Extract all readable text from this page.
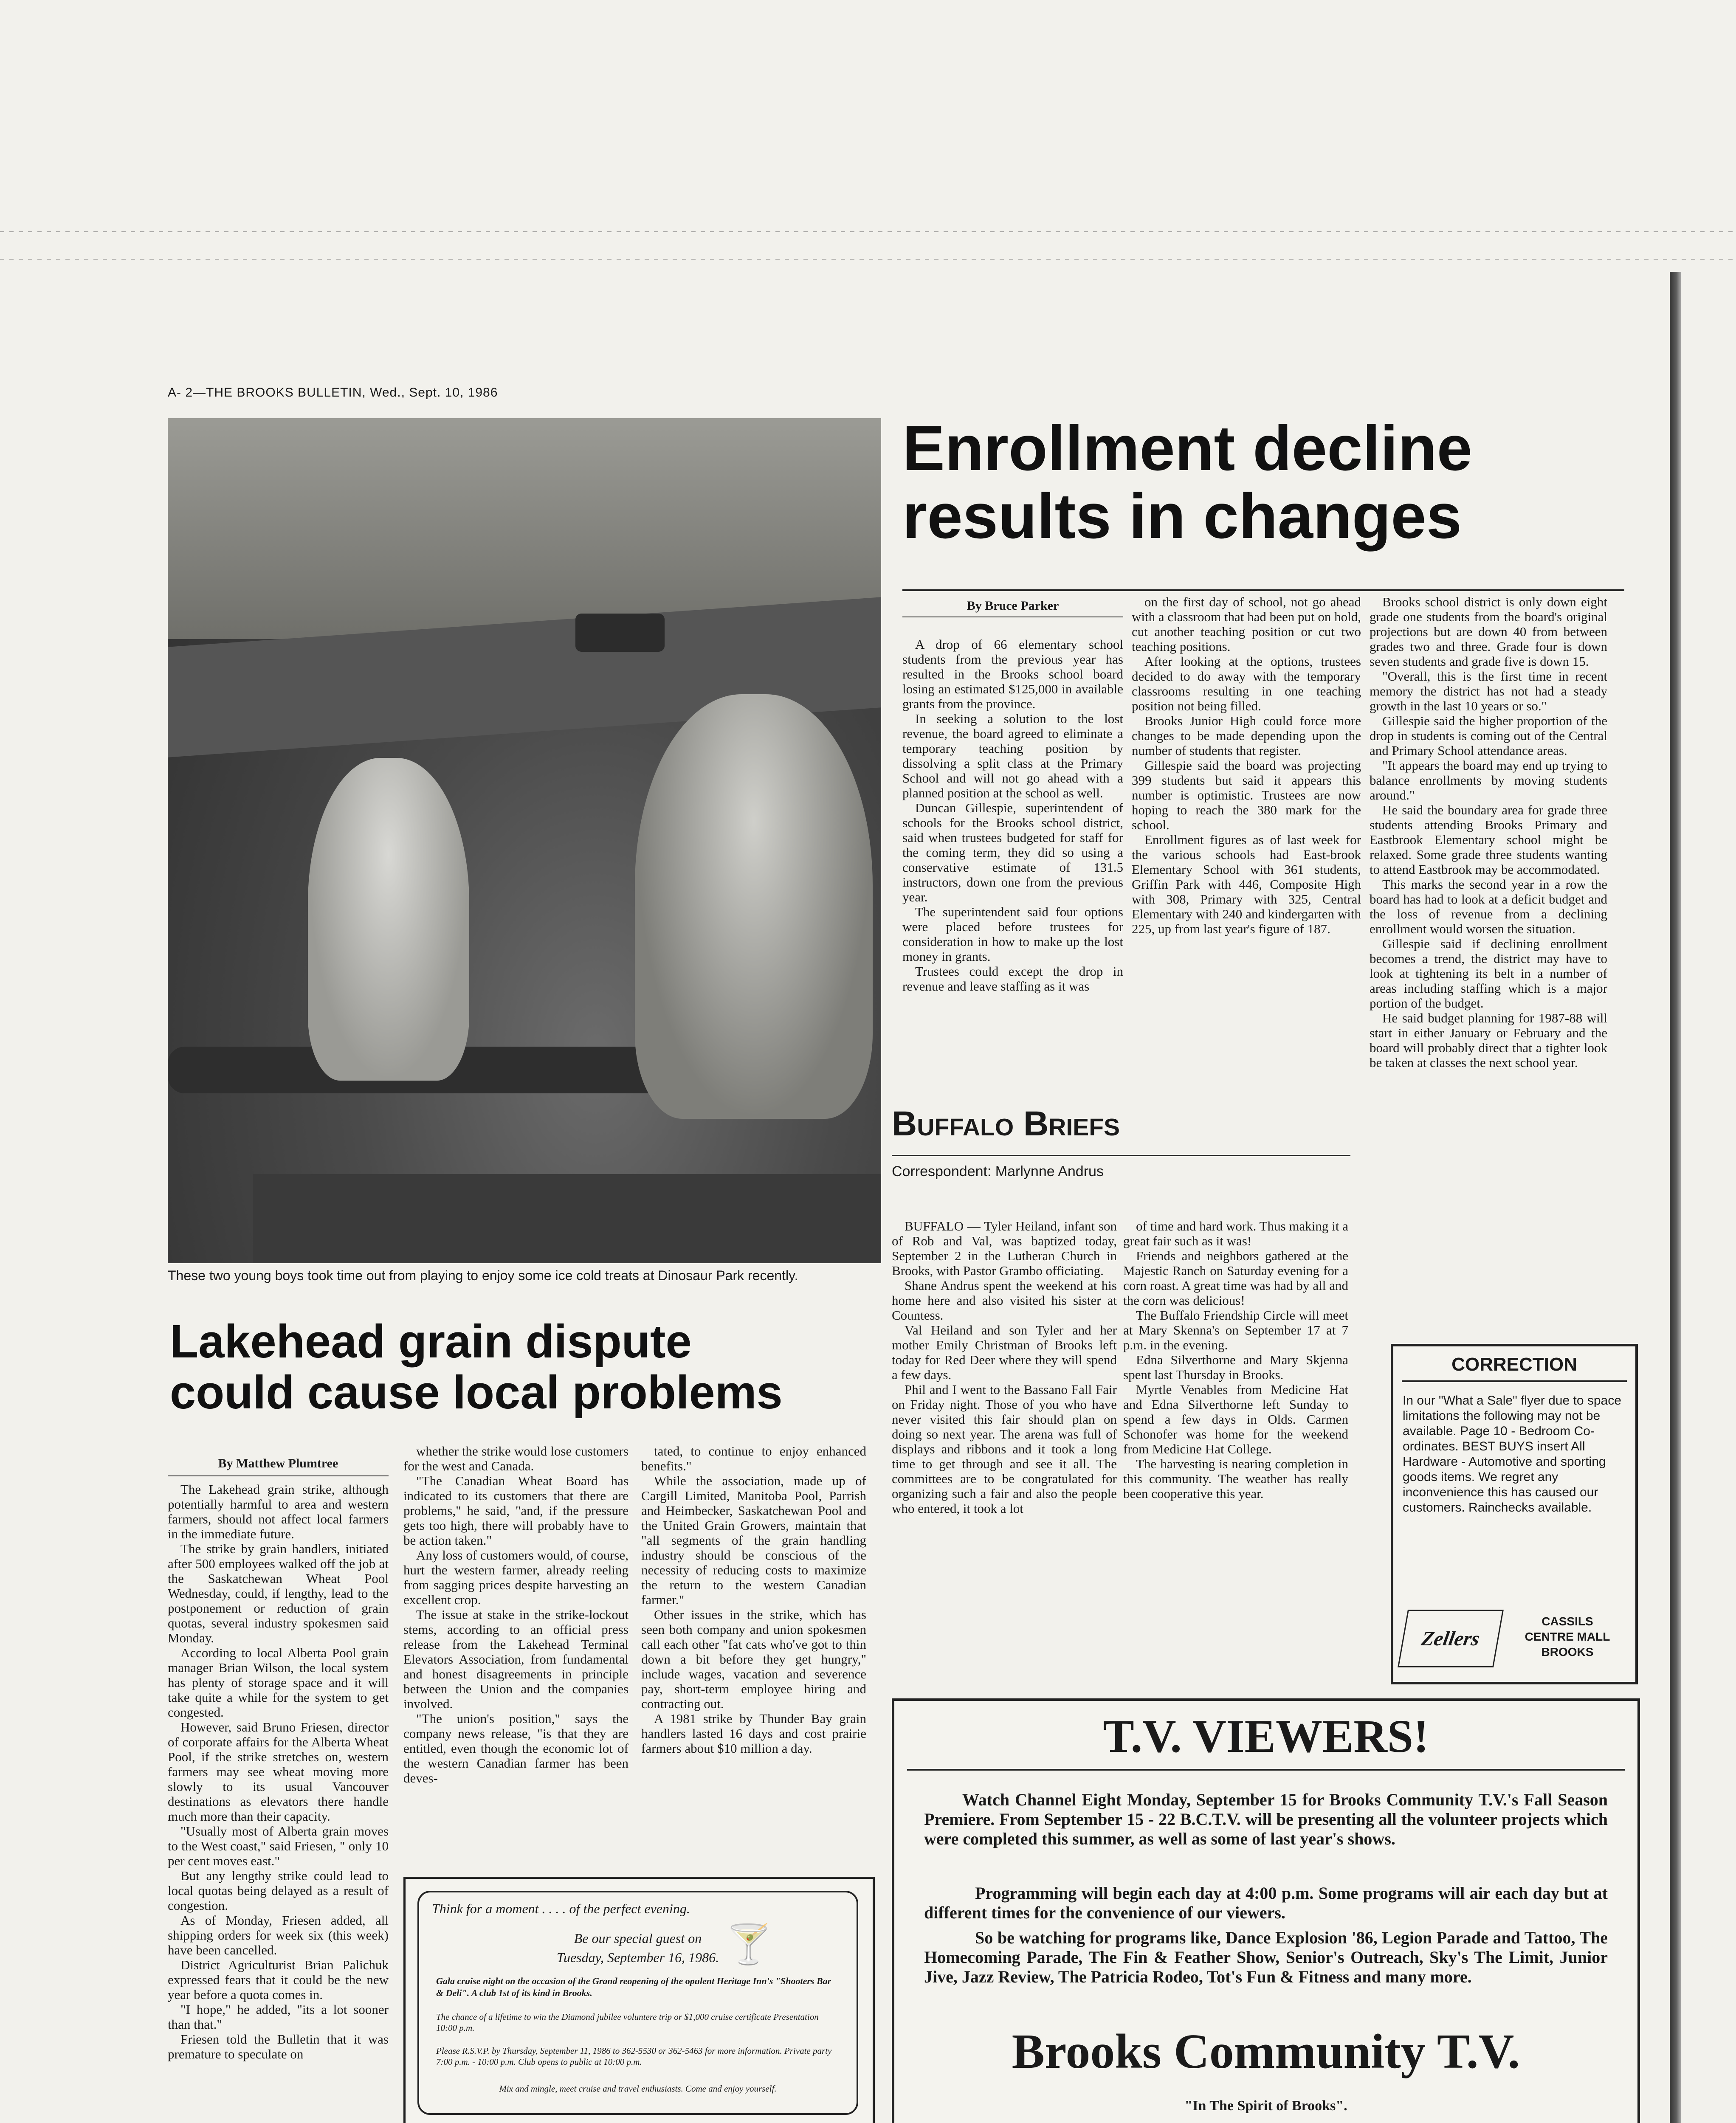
A- 2—THE BROOKS BULLETIN, Wed., Sept. 10, 1986
These two young boys took time out from playing to enjoy some ice cold treats at Dinosaur Park recently.
Enrollment decline
results in changes
By Bruce Parker

A drop of 66 elementary school students from the previous year has resulted in the Brooks school board losing an estimated $125,000 in available grants from the province.

In seeking a solution to the lost revenue, the board agreed to eliminate a temporary teaching position by dissolving a split class at the Primary School and will not go ahead with a planned position at the school as well.

Duncan Gillespie, superintendent of schools for the Brooks school district, said when trustees budgeted for staff for the coming term, they did so using a conservative estimate of 131.5 instructors, down one from the previous year.

The superintendent said four options were placed before trustees for consideration in how to make up the lost money in grants.

Trustees could except the drop in revenue and leave staffing as it was

on the first day of school, not go ahead with a classroom that had been put on hold, cut another teaching position or cut two teaching positions.

After looking at the options, trustees decided to do away with the temporary classrooms resulting in one teaching position not being filled.

Brooks Junior High could force more changes to be made depending upon the number of students that register.

Gillespie said the board was projecting 399 students but said it appears this number is optimistic. Trustees are now hoping to reach the 380 mark for the school.

Enrollment figures as of last week for the various schools had East-brook Elementary School with 361 students, Griffin Park with 446, Composite High with 308, Primary with 325, Central Elementary with 240 and kindergarten with 225, up from last year's figure of 187.

Brooks school district is only down eight grade one students from the board's original projections but are down 40 from between grades two and three. Grade four is down seven students and grade five is down 15.

"Overall, this is the first time in recent memory the district has not had a steady growth in the last 10 years or so."

Gillespie said the higher proportion of the drop in students is coming out of the Central and Primary School attendance areas.

"It appears the board may end up trying to balance enrollments by moving students around."

He said the boundary area for grade three students attending Brooks Primary and Eastbrook Elementary school might be relaxed. Some grade three students wanting to attend Eastbrook may be accommodated.

This marks the second year in a row the board has had to look at a deficit budget and the loss of revenue from a declining enrollment would worsen the situation.

Gillespie said if declining enrollment becomes a trend, the district may have to look at tightening its belt in a number of areas including staffing which is a major portion of the budget.

He said budget planning for 1987-88 will start in either January or February and the board will probably direct that a tighter look be taken at classes the next school year.

Buffalo Briefs
Correspondent: Marlynne Andrus

BUFFALO — Tyler Heiland, infant son of Rob and Val, was baptized today, September 2 in the Lutheran Church in Brooks, with Pastor Grambo officiating.

Shane Andrus spent the weekend at his home here and also visited his sister at Countess.

Val Heiland and son Tyler and her mother Emily Christman of Brooks left today for Red Deer where they will spend a few days.

Phil and I went to the Bassano Fall Fair on Friday night. Those of you who have never visited this fair should plan on doing so next year. The arena was full of displays and ribbons and it took a long time to get through and see it all. The committees are to be congratulated for organizing such a fair and also the people who entered, it took a lot

of time and hard work. Thus making it a great fair such as it was!

Friends and neighbors gathered at the Majestic Ranch on Saturday evening for a corn roast. A great time was had by all and the corn was delicious!

The Buffalo Friendship Circle will meet at Mary Skenna's on September 17 at 7 p.m. in the evening.

Edna Silverthorne and Mary Skjenna spent last Thursday in Brooks.

Myrtle Venables from Medicine Hat and Edna Silverthorne left Sunday to spend a few days in Olds. Carmen Schonofer was home for the weekend from Medicine Hat College.

The harvesting is nearing completion in this community. The weather has really been cooperative this year.

CORRECTION
In our "What a Sale" flyer due to space limitations the following may not be available. Page 10 - Bedroom Co-ordinates. BEST BUYS insert All Hardware - Automotive and sporting goods items. We regret any inconvenience this has caused our customers. Rainchecks available.
Zellers
CASSILS
CENTRE MALL
BROOKS
Lakehead grain dispute
could cause local problems
By Matthew Plumtree

The Lakehead grain strike, although potentially harmful to area and western farmers, should not affect local farmers in the immediate future.

The strike by grain handlers, initiated after 500 employees walked off the job at the Saskatchewan Wheat Pool Wednesday, could, if lengthy, lead to the postponement or reduction of grain quotas, several industry spokesmen said Monday.

According to local Alberta Pool grain manager Brian Wilson, the local system has plenty of storage space and it will take quite a while for the system to get congested.

However, said Bruno Friesen, director of corporate affairs for the Alberta Wheat Pool, if the strike stretches on, western farmers may see wheat moving more slowly to its usual Vancouver destinations as elevators there handle much more than their capacity.

"Usually most of Alberta grain moves to the West coast," said Friesen, " only 10 per cent moves east."

But any lengthy strike could lead to local quotas being delayed as a result of congestion.

As of Monday, Friesen added, all shipping orders for week six (this week) have been cancelled.

District Agriculturist Brian Palichuk expressed fears that it could be the new year before a quota comes in.

"I hope," he added, "its a lot sooner than that."

Friesen told the Bulletin that it was premature to speculate on

whether the strike would lose customers for the west and Canada.

"The Canadian Wheat Board has indicated to its customers that there are problems," he said, "and, if the pressure gets too high, there will probably have to be action taken."

Any loss of customers would, of course, hurt the western farmer, already reeling from sagging prices despite harvesting an excellent crop.

The issue at stake in the strike-lockout stems, according to an official press release from the Lakehead Terminal Elevators Association, from fundamental and honest disagreements in principle between the Union and the companies involved.

"The union's position," says the company news release, "is that they are entitled, even though the economic lot of the western Canadian farmer has been deves-

tated, to continue to enjoy enhanced benefits."

While the association, made up of Cargill Limited, Manitoba Pool, Parrish and Heimbecker, Saskatchewan Pool and the United Grain Growers, maintain that "all segments of the grain handling industry should be conscious of the necessity of reducing costs to maximize the return to the western Canadian farmer."

Other issues in the strike, which has seen both company and union spokesmen call each other "fat cats who've got to thin down a bit before they get hungry," include wages, vacation and severence pay, short-term employee hiring and contracting out.

A 1981 strike by Thunder Bay grain handlers lasted 16 days and cost prairie farmers about $10 million a day.

Think for a moment . . . . of the perfect evening.
🍸
Be our special guest on
Tuesday, September 16, 1986.
Gala cruise night on the occasion of the Grand reopening of the opulent Heritage Inn's "Shooters Bar & Deli". A club 1st of its kind in Brooks.
The chance of a lifetime to win the Diamond jubilee voluntere trip or $1,000 cruise certificate Presentation 10:00 p.m.
Please R.S.V.P. by Thursday, September 11, 1986 to 362-5530 or 362-5463 for more information. Private party 7:00 p.m. - 10:00 p.m. Club opens to public at 10:00 p.m.
Mix and mingle, meet cruise and travel enthusiasts. Come and enjoy yourself.
T.V. VIEWERS!
Watch Channel Eight Monday, September 15 for Brooks Community T.V.'s Fall Season Premiere. From September 15 - 22 B.C.T.V. will be presenting all the volunteer projects which were completed this summer, as well as some of last year's shows.
Programming will begin each day at 4:00 p.m. Some programs will air each day but at different times for the convenience of our viewers.
So be watching for programs like, Dance Explosion '86, Legion Parade and Tattoo, The Homecoming Parade, The Fin & Feather Show, Senior's Outreach, Sky's The Limit, Junior Jive, Jazz Review, The Patricia Rodeo, Tot's Fun & Fitness and many more.
Brooks Community T.V.
"In The Spirit of Brooks".
